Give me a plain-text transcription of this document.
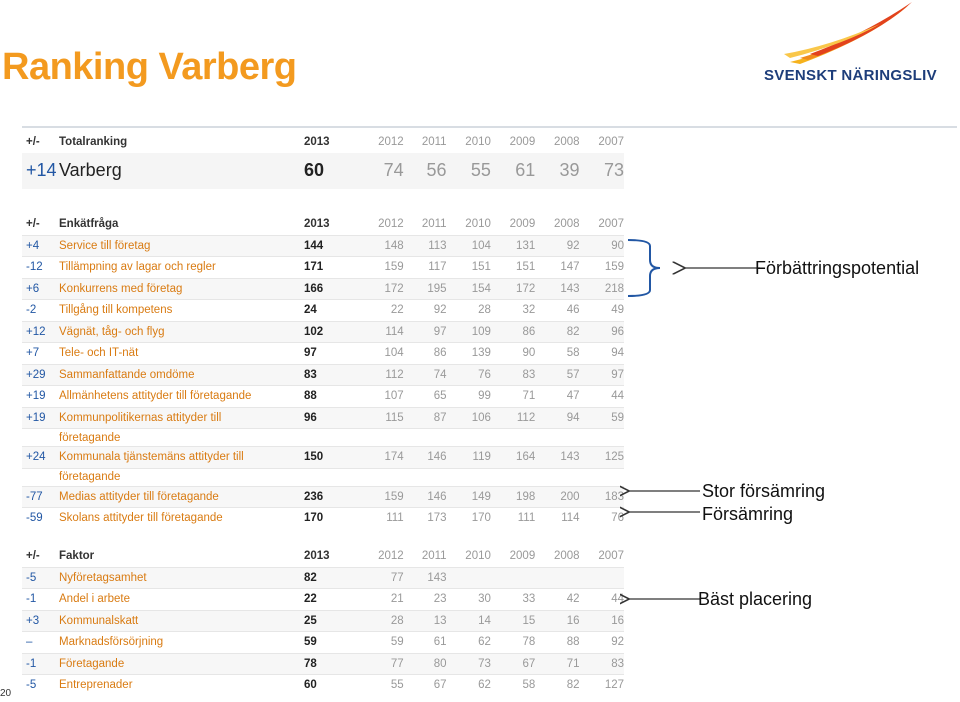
Ranking Varberg	SVENSKT NÄRINGSLIV
+/-	Totalranking	2013	2012	2011	2010	2009	2008	2007
+14	Varberg	60	74	56	55	61	39	73
+/-	Enkätfråga	2013	2012	2011	2010	2009	2008	2007
+4	Service till företag	144	148	113	104	131	92	90
-12	Tillämpning av lagar och regler	171	159	117	151	151	147	159
+6	Konkurrens med företag	166	172	195	154	172	143	218
-2	Tillgång till kompetens	24	22	92	28	32	46	49
+12	Vägnät, tåg- och flyg	102	114	97	109	86	82	96
+7	Tele- och IT-nät	97	104	86	139	90	58	94
+29	Sammanfattande omdöme	83	112	74	76	83	57	97
+19	Allmänhetens attityder till företagande	88	107	65	99	71	47	44
+19	Kommunpolitikernas attityder till	96	115	87	106	112	94	59
	företagande							
+24	Kommunala tjänstemäns attityder till	150	174	146	119	164	143	125
	företagande							
-77	Medias attityder till företagande	236	159	146	149	198	200	183
-59	Skolans attityder till företagande	170	111	173	170	111	114	76
+/-	Faktor	2013	2012	2011	2010	2009	2008	2007
-5	Nyföretagsamhet	82	77	143				
-1	Andel i arbete	22	21	23	30	33	42	44
+3	Kommunalskatt	25	28	13	14	15	16	16
–	Marknadsförsörjning	59	59	61	62	78	88	92
-1	Företagande	78	77	80	73	67	71	83
-5	Entreprenader	60	55	67	62	58	82	127
Förbättringspotential
Stor försämring
Försämring
Bäst placering
20
